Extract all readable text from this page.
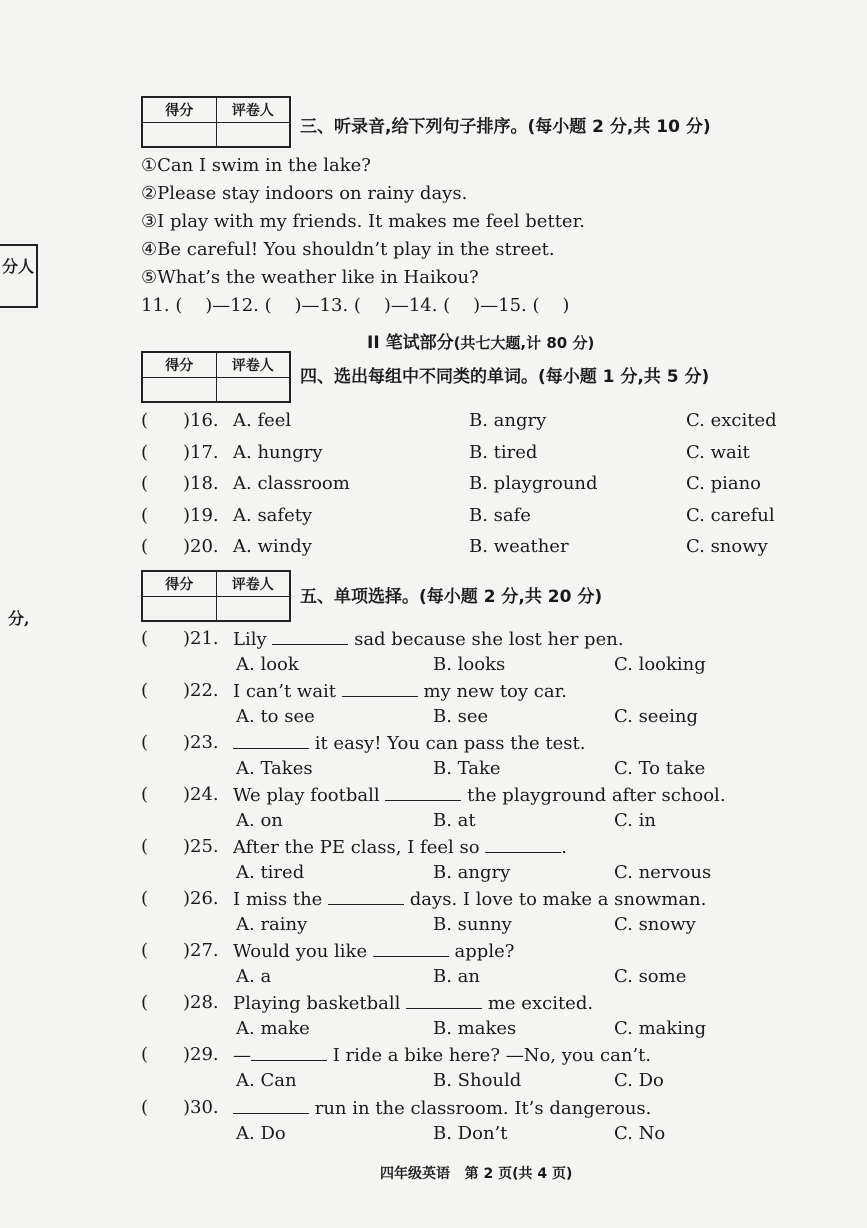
分人
分,
得分	评卷人

三、听录音,给下列句子排序。(每小题 2 分,共 10 分)
①Can I swim in the lake?
②Please stay indoors on rainy days.
③I play with my friends. It makes me feel better.
④Be careful! You shouldn’t play in the street.
⑤What’s the weather like in Haikou?
11. (    )—12. (    )—13. (    )—14. (    )—15. (    )
II 笔试部分(共七大题,计 80 分)
得分	评卷人

四、选出每组中不同类的单词。(每小题 1 分,共 5 分)
( )16. A. feel	B. angry	C. excited
( )17. A. hungry	B. tired	C. wait
( )18. A. classroom	B. playground	C. piano
( )19. A. safety	B. safe	C. careful
( )20. A. windy	B. weather	C. snowy
得分	评卷人

五、单项选择。(每小题 2 分,共 20 分)
( )21. Lily	sad because she lost her pen.
A. look	B. looks	C. looking
( )22. I can’t wait	my new toy car.
A. to see	B. see	C. seeing
( )23.	it easy! You can pass the test.
A. Takes	B. Take	C. To take
( )24. We play football	the playground after school.
A. on	B. at	C. in
( )25. After the PE class, I feel so	.
A. tired	B. angry	C. nervous
( )26. I miss the	days. I love to make a snowman.
A. rainy	B. sunny	C. snowy
( )27. Would you like	apple?
A. a	B. an	C. some
( )28. Playing basketball	me excited.
A. make	B. makes	C. making
( )29. —	I ride a bike here? —No, you can’t.
A. Can	B. Should	C. Do
( )30.	run in the classroom. It’s dangerous.
A. Do	B. Don’t	C. No
四年级英语   第 2 页(共 4 页)
